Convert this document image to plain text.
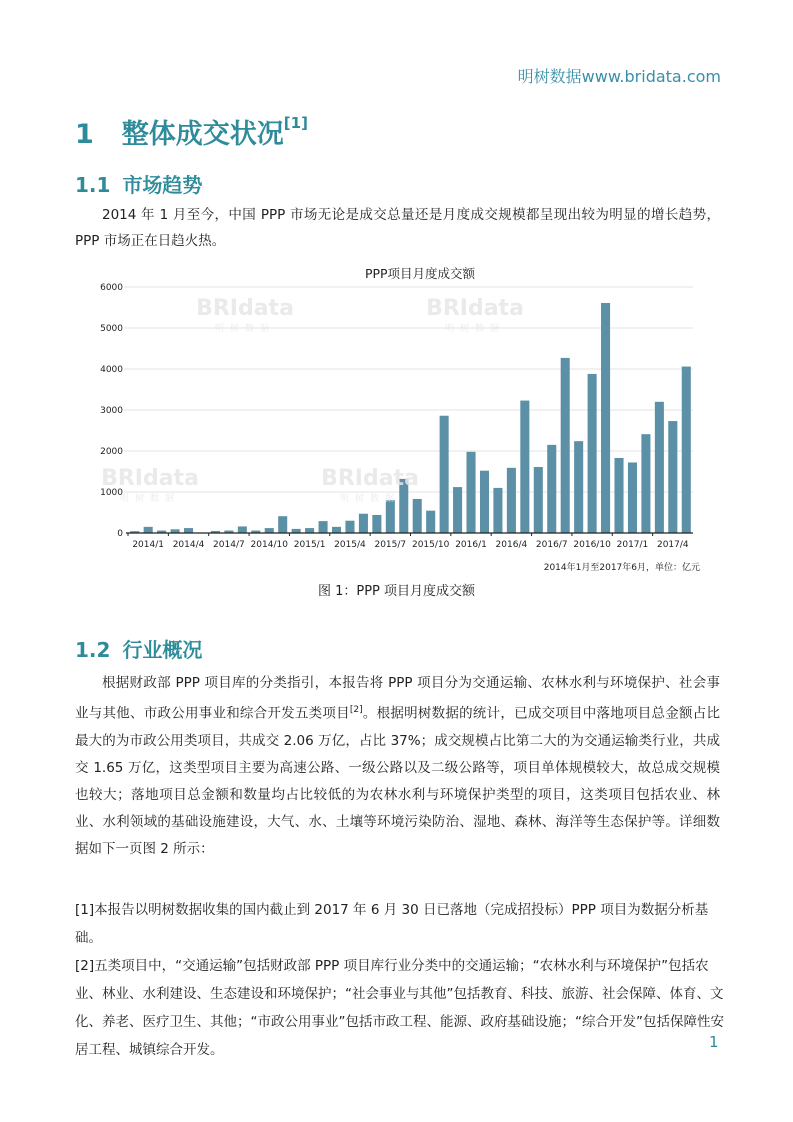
明树数据www.bridata.com
1 整体成交状况[1]
1.1 市场趋势
2014 年 1 月至今，中国 PPP 市场无论是成交总量还是月度成交规模都呈现出较为明显的增长趋势，PPP 市场正在日趋火热。
PPP项目月度成交额
BRIdata
明树数据
BRIdata
明树数据
BRIdata
明树数据
BRIdata
明树数据
0
1000
2000
3000
4000
5000
6000
2014/1 2014/4 2014/7 2014/10 2015/1 2015/4 2015/7 2015/10 2016/1 2016/4 2016/7 2016/10 2017/1 2017/4
2014年1月至2017年6月，单位：亿元
图 1：PPP 项目月度成交额
1.2 行业概况
根据财政部 PPP 项目库的分类指引，本报告将 PPP 项目分为交通运输、农林水利与环境保护、社会事业与其他、市政公用事业和综合开发五类项目[2]。根据明树数据的统计，已成交项目中落地项目总金额占比最大的为市政公用类项目，共成交 2.06 万亿，占比 37%；成交规模占比第二大的为交通运输类行业，共成交 1.65 万亿，这类型项目主要为高速公路、一级公路以及二级公路等，项目单体规模较大，故总成交规模也较大；落地项目总金额和数量均占比较低的为农林水利与环境保护类型的项目，这类项目包括农业、林业、水利领域的基础设施建设，大气、水、土壤等环境污染防治、湿地、森林、海洋等生态保护等。详细数据如下一页图 2 所示：
[1]本报告以明树数据收集的国内截止到 2017 年 6 月 30 日已落地（完成招投标）PPP 项目为数据分析基础。
[2]五类项目中，“交通运输”包括财政部 PPP 项目库行业分类中的交通运输；“农林水利与环境保护”包括农业、林业、水利建设、生态建设和环境保护；“社会事业与其他”包括教育、科技、旅游、社会保障、体育、文化、养老、医疗卫生、其他；“市政公用事业”包括市政工程、能源、政府基础设施；“综合开发”包括保障性安居工程、城镇综合开发。	1
